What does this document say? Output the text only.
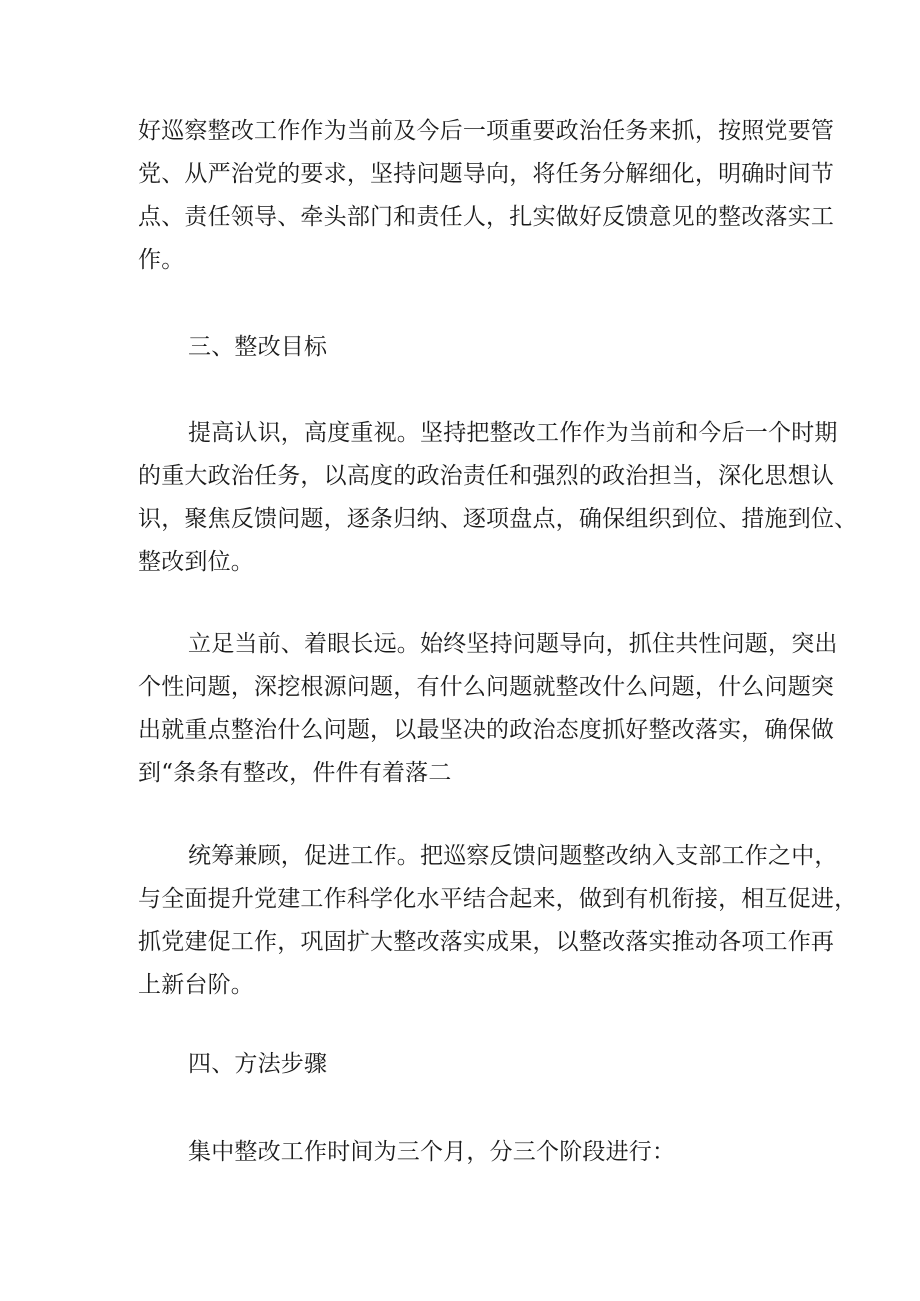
好 巡 察 整 改 工 作 作 为 当 前 及 今 后 一 项 重 要 政 治 任 务 来 抓 ， 按 照 党 要 管
党 、 从 严 治 党 的 要 求 ， 坚 持 问 题 导 向 ， 将 任 务 分 解 细 化 ， 明 确 时 间 节
点 、 责 任 领 导 、 牵 头 部 门 和 责 任 人 ， 扎 实 做 好 反 馈 意 见 的 整 改 落 实 工
作。
三、整改目标
提高认识，高度重视。坚持把整改工作作为当前和今后一个时期
的 重 大 政 治 任 务 ， 以 高 度 的 政 治 责 任 和 强 烈 的 政 治 担 当 ， 深 化 思 想 认
识 ， 聚 焦 反 馈 问 题 ， 逐 条 归 纳 、 逐 项 盘 点 ， 确 保 组 织 到 位 、 措 施 到 位 、
整改到位。
立足当前、着眼长远。始终坚持问题导向，抓住共性问题，突出
个 性 问 题 ， 深 挖 根 源 问 题 ， 有 什 么 问 题 就 整 改 什 么 问 题 ， 什 么 问 题 突
出 就 重 点 整 治 什 么 问 题 ， 以 最 坚 决 的 政 治 态 度 抓 好 整 改 落 实 ， 确 保 做
到“条条有整改，件件有着落二
统筹兼顾，促进工作。把巡察反馈问题整改纳入支部工作之中，
与 全 面 提 升 党 建 工 作 科 学 化 水 平 结 合 起 来 ， 做 到 有 机 衔 接 ， 相 互 促 进 ，
抓 党 建 促 工 作 ， 巩 固 扩 大 整 改 落 实 成 果 ， 以 整 改 落 实 推 动 各 项 工 作 再
上新台阶。
四、方法步骤
集中整改工作时间为三个月，分三个阶段进行：
